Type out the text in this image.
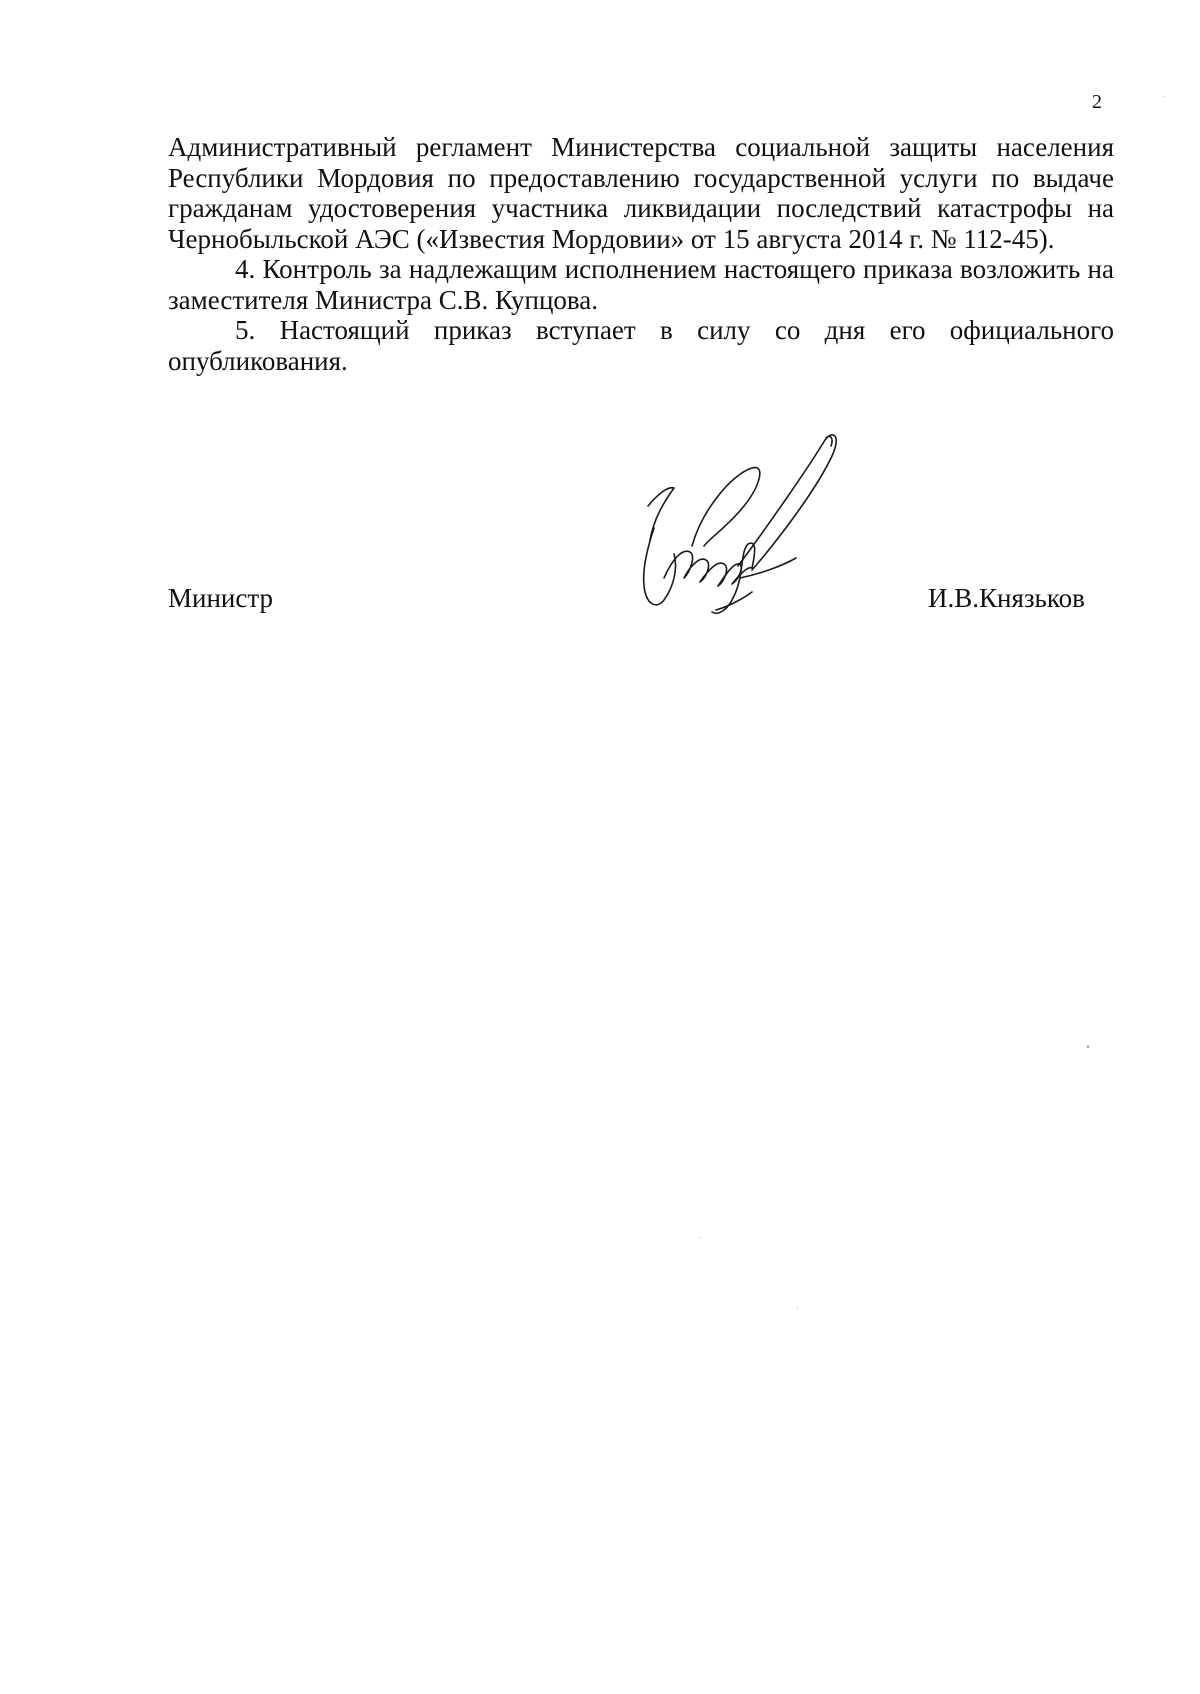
2

Административный регламент Министерства социальной защиты населения Республики Мордовия по предоставлению государственной услуги по выдаче гражданам удостоверения участника ликвидации последствий катастрофы на Чернобыльской АЭС («Известия Мордовии» от 15 августа 2014 г. № 112-45).

4. Контроль за надлежащим исполнением настоящего приказа возложить на заместителя Министра С.В. Купцова.

5. Настоящий приказ вступает в силу со дня его официального опубликования.

Министр	И.В.Князьков
